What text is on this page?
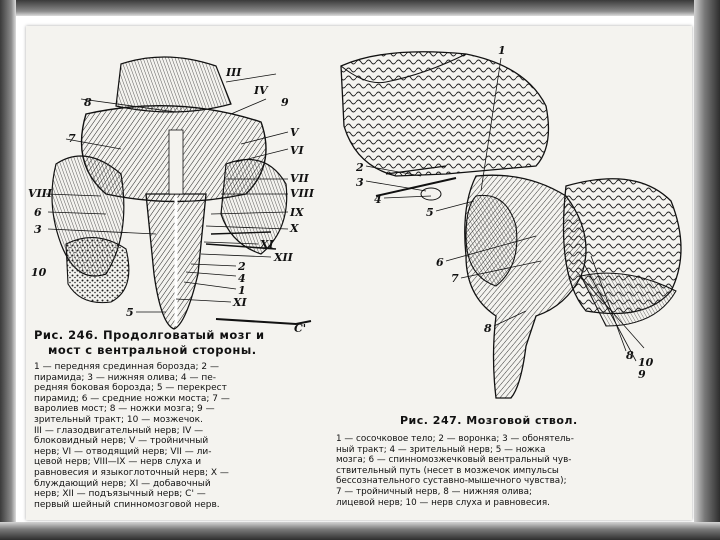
8
III
IV
9
7	V
VI
VII
VIII
VIII
6
3
IX
X
XI
XII
10	2
4
1
XI
5
C'
Рис. 246. Продолговатый мозг и
мост с вентральной стороны.
1 — передняя срединная борозда; 2 —
пирамида; 3 — нижняя олива; 4 — пе-
редняя боковая борозда; 5 — перекрест
пирамид; 6 — средние ножки моста; 7 —
варолиев мост; 8 — ножки мозга; 9 —
зрительный тракт; 10 — мозжечок.
III — глазодвигательный нерв; IV —
блоковидный нерв; V — тройничный
нерв; VI — отводящий нерв; VII — ли-
цевой нерв; VIII—IX — нерв слуха и
равновесия и языкоглоточный нерв; X —
блуждающий нерв; XI — добавочный
нерв; XII — подъязычный нерв; C' —
первый шейный спинномозговой нерв.
1
2
3
4
5
6
7
8
10
9
8
Рис. 247. Мозговой ствол.
1 — сосочковое тело; 2 — воронка; 3 — обонятель-
ный тракт; 4 — зрительный нерв; 5 — ножка
мозга; 6 — спинномозжечковый вентральный чув-
ствительный путь (несет в мозжечок импульсы
бессознательного суставно-мышечного чувства);
7 — тройничный нерв, 8 — нижняя олива;
лицевой нерв; 10 — нерв слуха и равновесия.
